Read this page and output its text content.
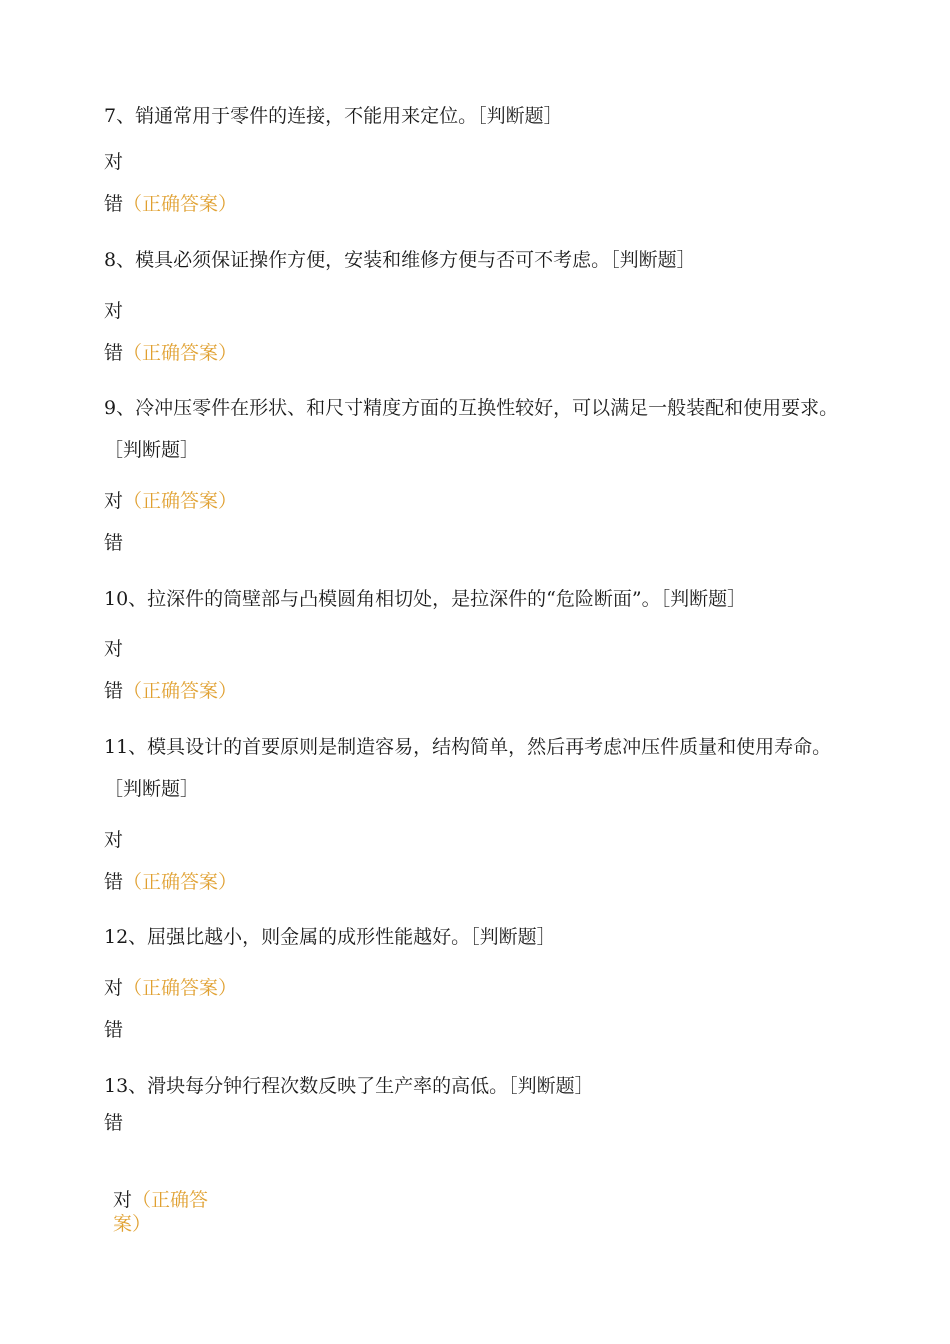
7、销通常用于零件的连接，不能用来定位。［判断题］
对
错（正确答案）
8、模具必须保证操作方便，安装和维修方便与否可不考虑。［判断题］
对
错（正确答案）
9、冷冲压零件在形状、和尺寸精度方面的互换性较好，可以满足一般装配和使用要求。［判断题］
对（正确答案）
错
10、拉深件的筒壁部与凸模圆角相切处，是拉深件的“危险断面”。［判断题］
对
错（正确答案）
11、模具设计的首要原则是制造容易，结构简单，然后再考虑冲压件质量和使用寿命。［判断题］
对
错（正确答案）
12、屈强比越小，则金属的成形性能越好。［判断题］
对（正确答案）
错
13、滑块每分钟行程次数反映了生产率的高低。［判断题］
错
对（正确答案）
